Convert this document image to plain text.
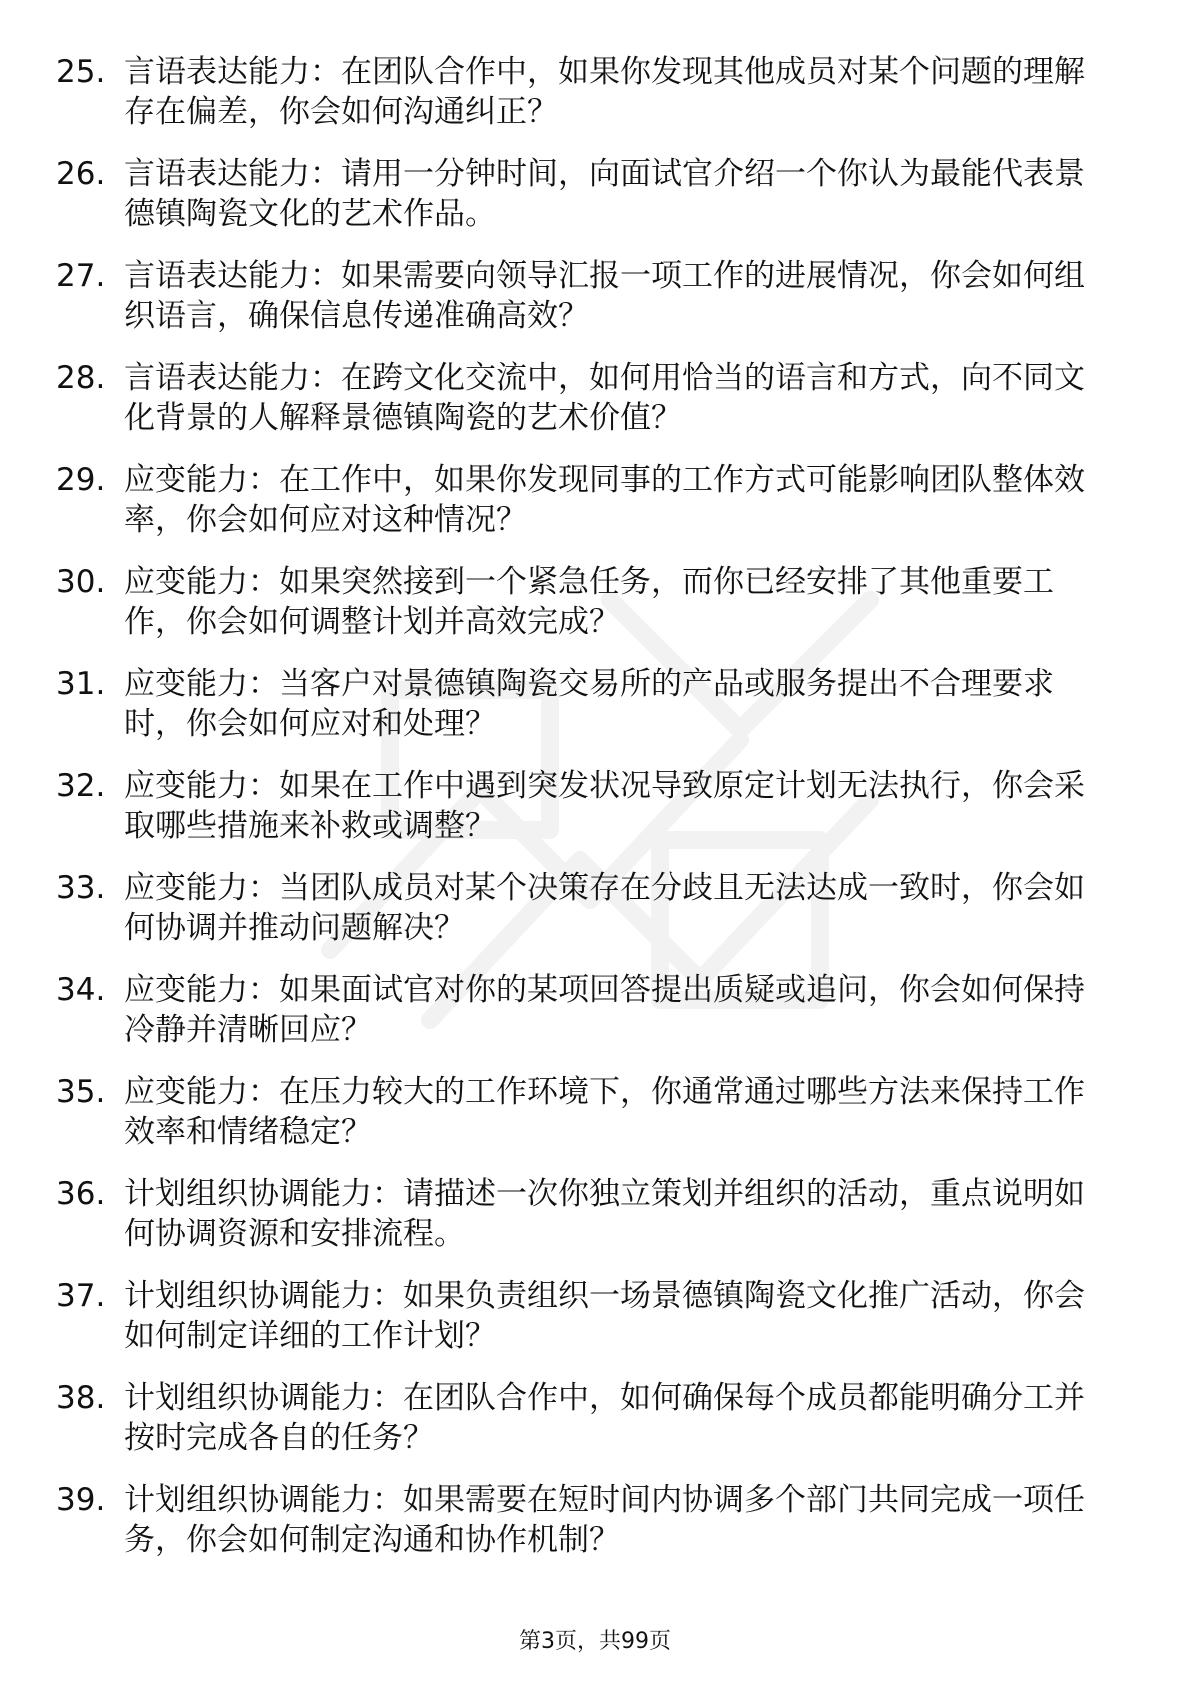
25. 言语表达能力：在团队合作中，如果你发现其他成员对某个问题的理解存在偏差，你会如何沟通纠正？
26. 言语表达能力：请用一分钟时间，向面试官介绍一个你认为最能代表景德镇陶瓷文化的艺术作品。
27. 言语表达能力：如果需要向领导汇报一项工作的进展情况，你会如何组织语言，确保信息传递准确高效？
28. 言语表达能力：在跨文化交流中，如何用恰当的语言和方式，向不同文化背景的人解释景德镇陶瓷的艺术价值？
29. 应变能力：在工作中，如果你发现同事的工作方式可能影响团队整体效率，你会如何应对这种情况？
30. 应变能力：如果突然接到一个紧急任务，而你已经安排了其他重要工作，你会如何调整计划并高效完成？
31. 应变能力：当客户对景德镇陶瓷交易所的产品或服务提出不合理要求时，你会如何应对和处理？
32. 应变能力：如果在工作中遇到突发状况导致原定计划无法执行，你会采取哪些措施来补救或调整？
33. 应变能力：当团队成员对某个决策存在分歧且无法达成一致时，你会如何协调并推动问题解决？
34. 应变能力：如果面试官对你的某项回答提出质疑或追问，你会如何保持冷静并清晰回应？
35. 应变能力：在压力较大的工作环境下，你通常通过哪些方法来保持工作效率和情绪稳定？
36. 计划组织协调能力：请描述一次你独立策划并组织的活动，重点说明如何协调资源和安排流程。
37. 计划组织协调能力：如果负责组织一场景德镇陶瓷文化推广活动，你会如何制定详细的工作计划？
38. 计划组织协调能力：在团队合作中，如何确保每个成员都能明确分工并按时完成各自的任务？
39. 计划组织协调能力：如果需要在短时间内协调多个部门共同完成一项任务，你会如何制定沟通和协作机制？
第3页，共99页
